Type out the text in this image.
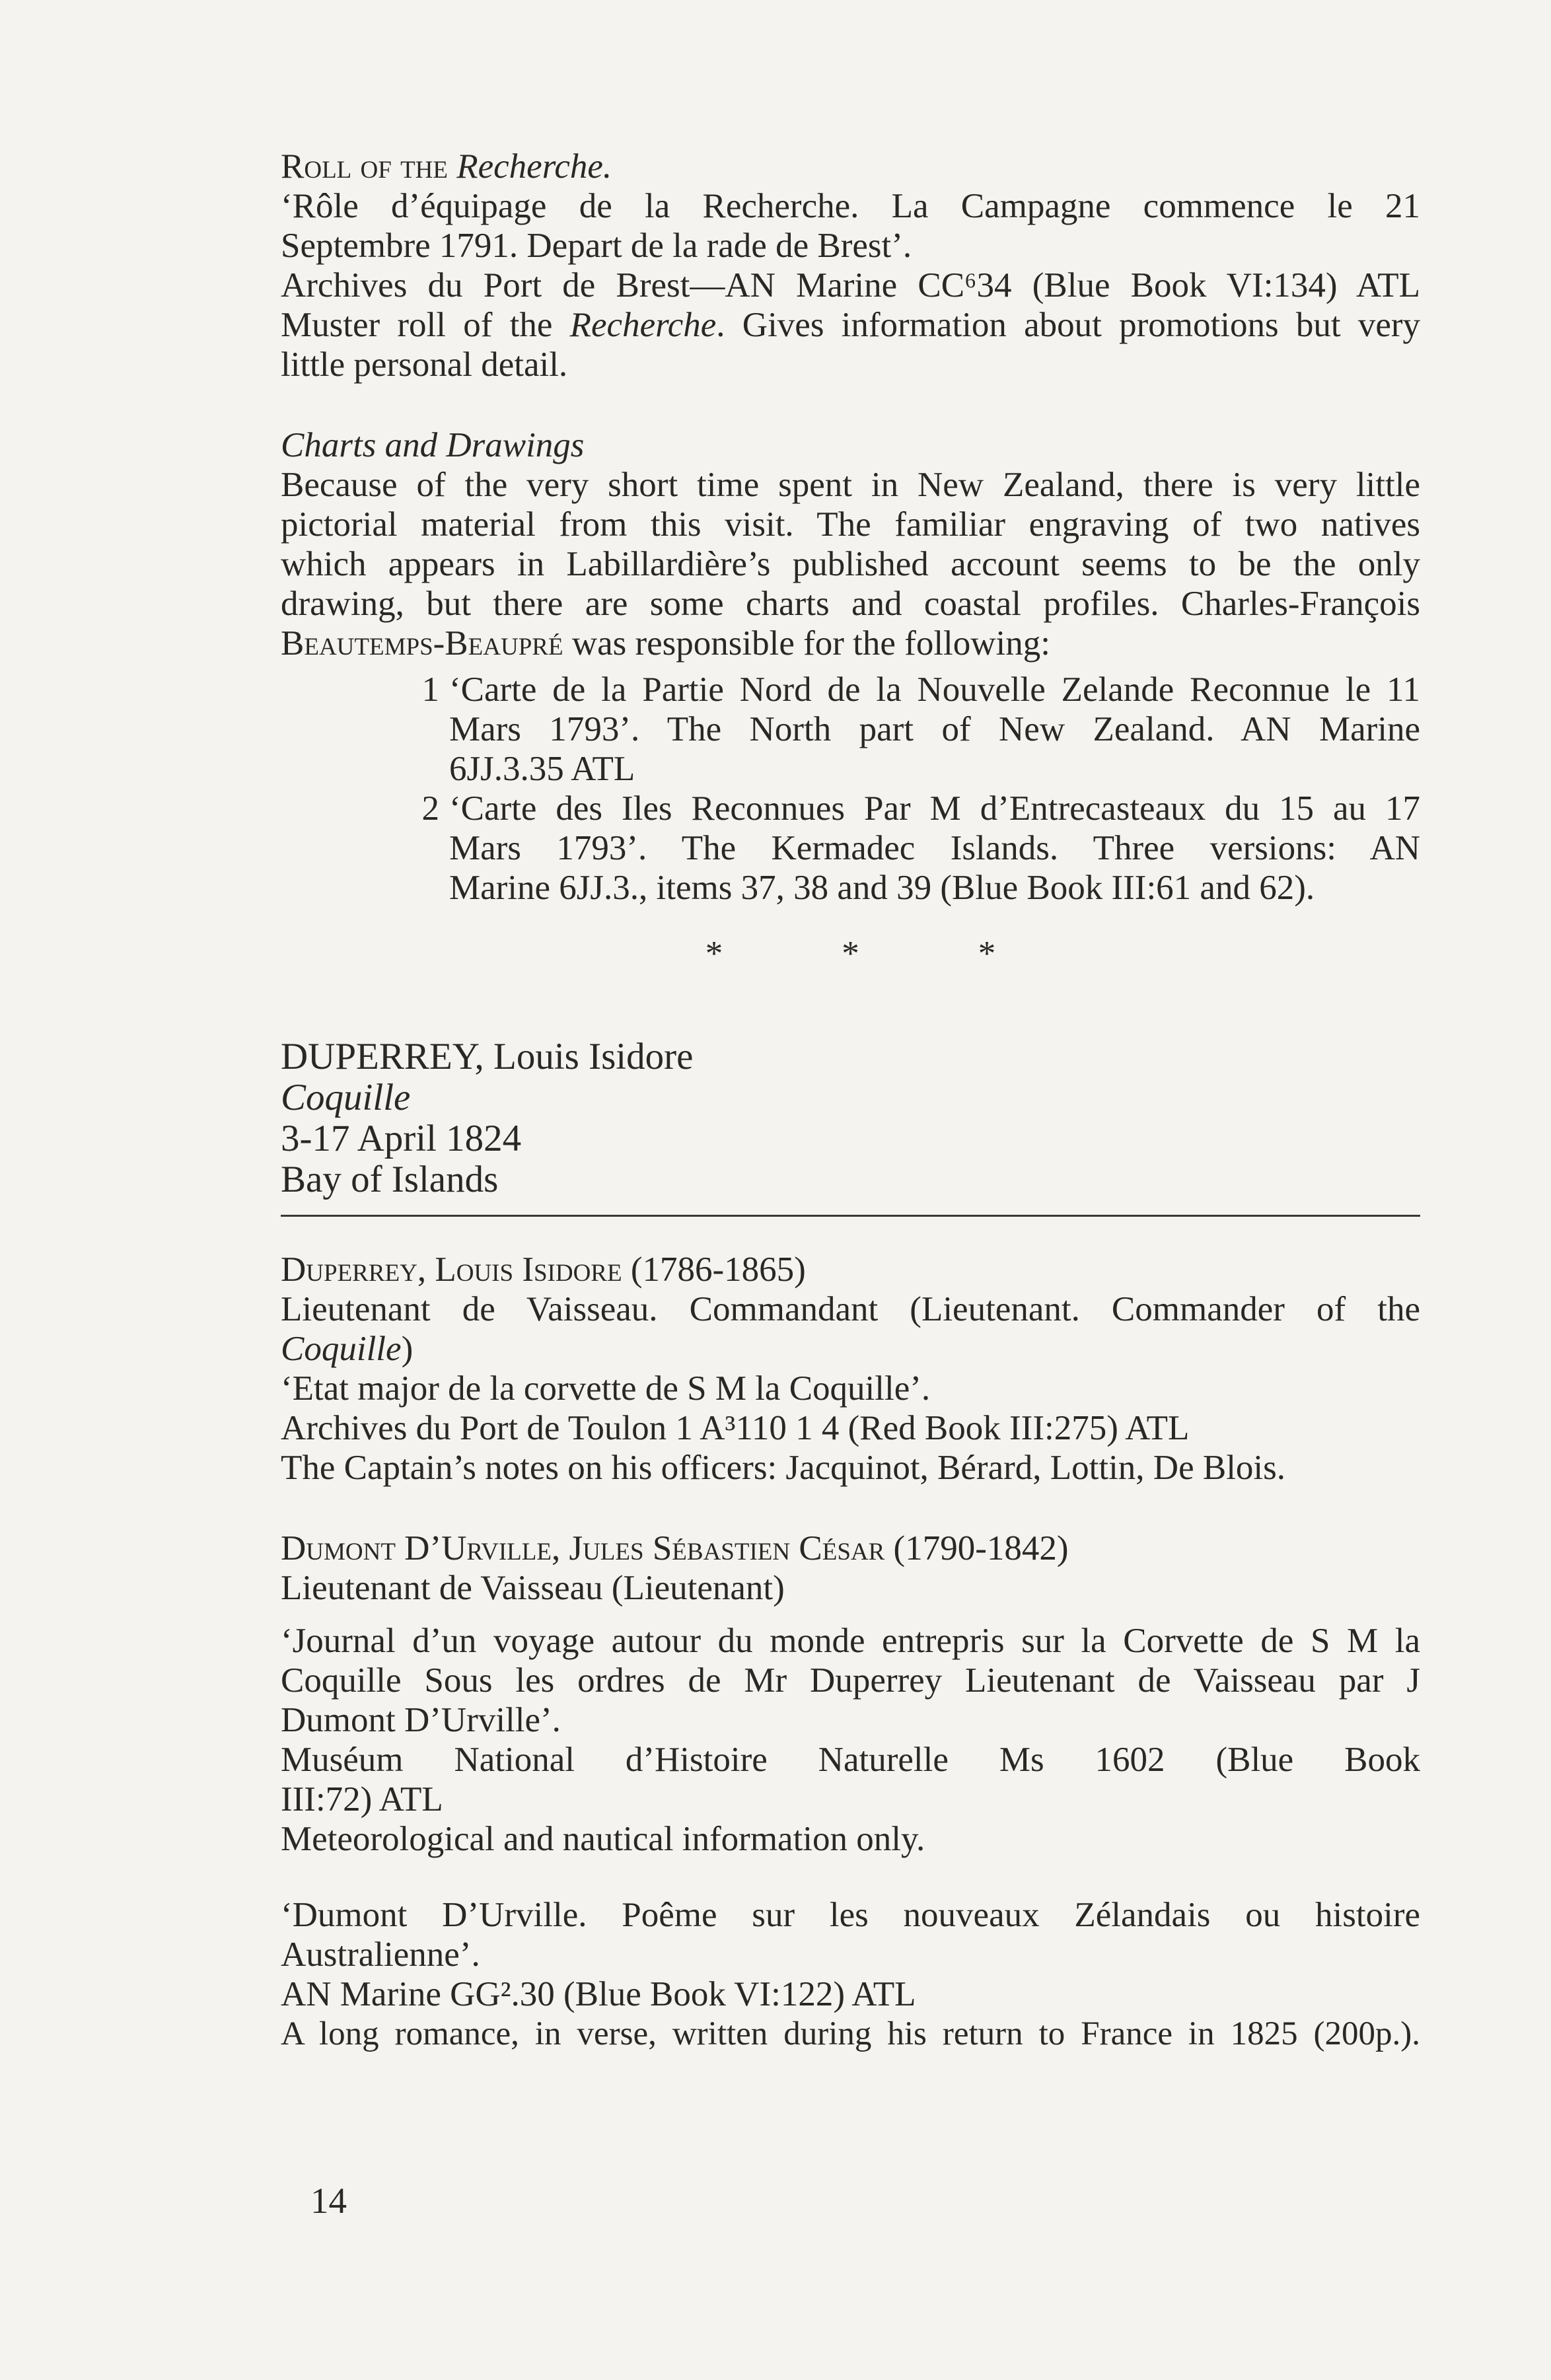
Roll of the Recherche.
‘Rôle d’équipage de la Recherche. La Campagne commence le 21
Septembre 1791. Depart de la rade de Brest’.
Archives du Port de Brest—AN Marine CC⁶34 (Blue Book VI:134) ATL
Muster roll of the Recherche. Gives information about promotions but very
little personal detail.
Charts and Drawings
Because of the very short time spent in New Zealand, there is very little
pictorial material from this visit. The familiar engraving of two natives
which appears in Labillardière’s published account seems to be the only
drawing, but there are some charts and coastal profiles. Charles-François
Beautemps-Beaupré was responsible for the following:
1 ‘Carte de la Partie Nord de la Nouvelle Zelande Reconnue le 11
Mars 1793’. The North part of New Zealand. AN Marine
6JJ.3.35 ATL
2 ‘Carte des Iles Reconnues Par M d’Entrecasteaux du 15 au 17
Mars 1793’. The Kermadec Islands. Three versions: AN
Marine 6JJ.3., items 37, 38 and 39 (Blue Book III:61 and 62).
*	*	*
DUPERREY, Louis Isidore
Coquille
3-17 April 1824
Bay of Islands
Duperrey, Louis Isidore (1786-1865)
Lieutenant de Vaisseau. Commandant (Lieutenant. Commander of the
Coquille)
‘Etat major de la corvette de S M la Coquille’.
Archives du Port de Toulon 1 A³110 1 4 (Red Book III:275) ATL
The Captain’s notes on his officers: Jacquinot, Bérard, Lottin, De Blois.
Dumont D’Urville, Jules Sébastien César (1790-1842)
Lieutenant de Vaisseau (Lieutenant)
‘Journal d’un voyage autour du monde entrepris sur la Corvette de S M la
Coquille Sous les ordres de Mr Duperrey Lieutenant de Vaisseau par J
Dumont D’Urville’.
Muséum National d’Histoire Naturelle Ms 1602 (Blue Book
III:72) ATL
Meteorological and nautical information only.
‘Dumont D’Urville. Poême sur les nouveaux Zélandais ou histoire
Australienne’.
AN Marine GG².30 (Blue Book VI:122) ATL
A long romance, in verse, written during his return to France in 1825 (200p.).
14
